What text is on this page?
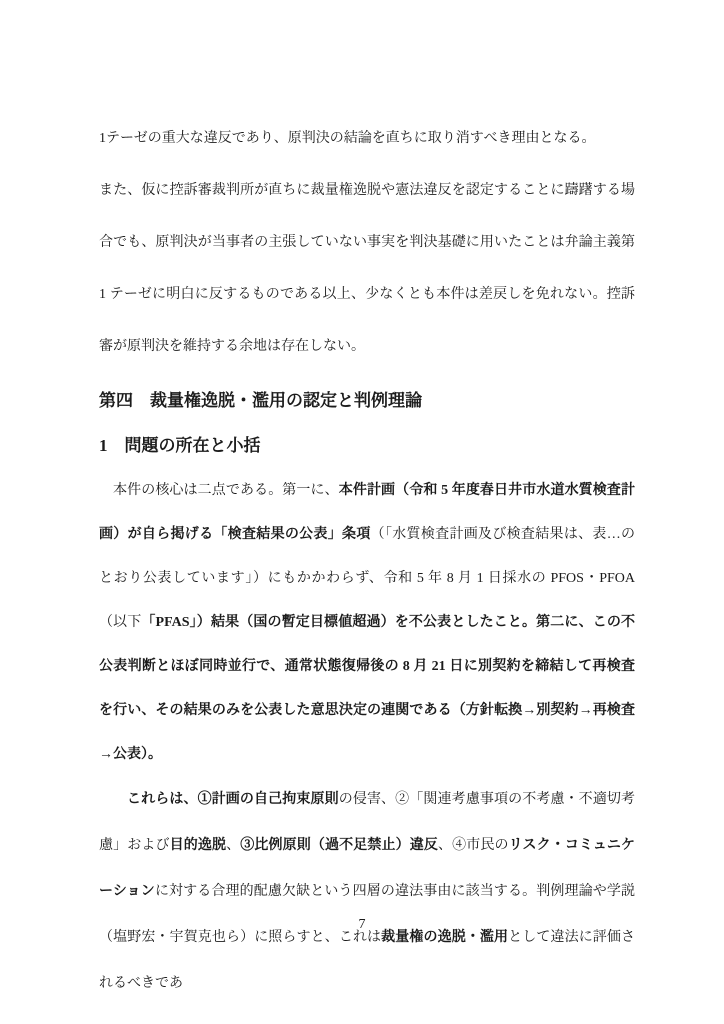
1テーゼの重大な違反であり、原判決の結論を直ちに取り消すべき理由となる。

また、仮に控訴審裁判所が直ちに裁量権逸脱や憲法違反を認定することに躊躇する場合でも、原判決が当事者の主張していない事実を判決基礎に用いたことは弁論主義第 1 テーゼに明白に反するものである以上、少なくとも本件は差戻しを免れない。控訴審が原判決を維持する余地は存在しない。

第四　裁量権逸脱・濫用の認定と判例理論
1　問題の所在と小括

本件の核心は二点である。第一に、本件計画（令和 5 年度春日井市水道水質検査計画）が自ら掲げる「検査結果の公表」条項（「水質検査計画及び検査結果は、表…のとおり公表しています」）にもかかわらず、令和 5 年 8 月 1 日採水の PFOS・PFOA（以下「PFAS」）結果（国の暫定目標値超過）を不公表としたこと。第二に、この不公表判断とほぼ同時並行で、通常状態復帰後の 8 月 21 日に別契約を締結して再検査を行い、その結果のみを公表した意思決定の連関である（方針転換→別契約→再検査→公表）。

これらは、①計画の自己拘束原則の侵害、②「関連考慮事項の不考慮・不適切考慮」および目的逸脱、③比例原則（過不足禁止）違反、④市民のリスク・コミュニケーションに対する合理的配慮欠缺という四層の違法事由に該当する。判例理論や学説（塩野宏・宇賀克也ら）に照らすと、これは裁量権の逸脱・濫用として違法に評価されるべきであ

7
